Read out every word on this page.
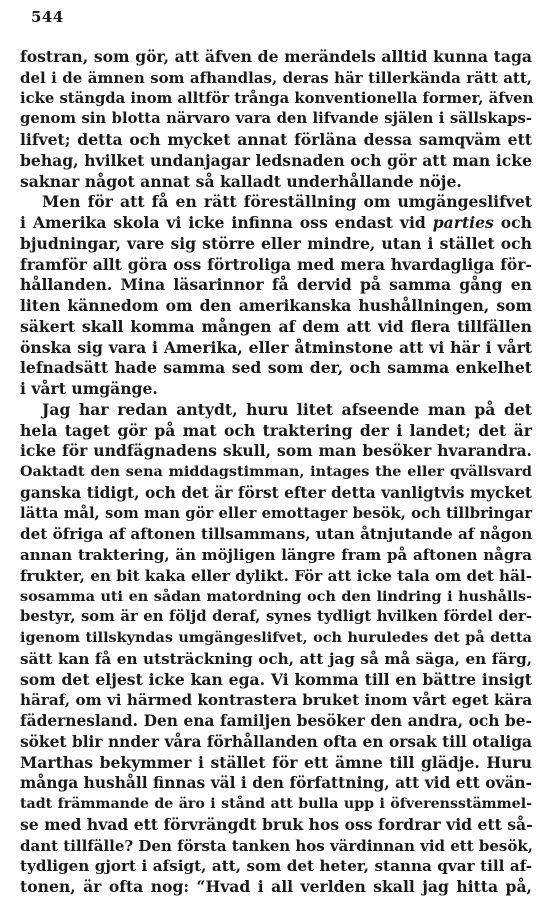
544
fostran, som gör, att äfven de merändels alltid kunna taga
del i de ämnen som afhandlas, deras här tillerkända rätt att,
icke stängda inom alltför trånga konventionella former, äfven
genom sin blotta närvaro vara den lifvande själen i sällskaps-
lifvet; detta och mycket annat förläna dessa samqväm ett
behag, hvilket undanjagar ledsnaden och gör att man icke
saknar något annat så kalladt underhållande nöje.
Men för att få en rätt föreställning om umgängeslifvet
i Amerika skola vi icke infinna oss endast vid parties och
bjudningar, vare sig större eller mindre, utan i stället och
framför allt göra oss förtroliga med mera hvardagliga för-
hållanden. Mina läsarinnor få dervid på samma gång en
liten kännedom om den amerikanska hushållningen, som
säkert skall komma mången af dem att vid flera tillfällen
önska sig vara i Amerika, eller åtminstone att vi här i vårt
lefnadsätt hade samma sed som der, och samma enkelhet
i vårt umgänge.
Jag har redan antydt, huru litet afseende man på det
hela taget gör på mat och traktering der i landet; det är
icke för undfägnadens skull, som man besöker hvarandra.
Oaktadt den sena middagstimman, intages the eller qvällsvard
ganska tidigt, och det är först efter detta vanligtvis mycket
lätta mål, som man gör eller emottager besök, och tillbringar
det öfriga af aftonen tillsammans, utan åtnjutande af någon
annan traktering, än möjligen längre fram på aftonen några
frukter, en bit kaka eller dylikt. För att icke tala om det häl-
sosamma uti en sådan matordning och den lindring i hushålls-
bestyr, som är en följd deraf, synes tydligt hvilken fördel der-
igenom tillskyndas umgängeslifvet, och huruledes det på detta
sätt kan få en utsträckning och, att jag så må säga, en färg,
som det eljest icke kan ega. Vi komma till en bättre insigt
häraf, om vi härmed kontrastera bruket inom vårt eget kära
fädernesland. Den ena familjen besöker den andra, och be-
söket blir nnder våra förhållanden ofta en orsak till otaliga
Marthas bekymmer i stället för ett ämne till glädje. Huru
många hushåll finnas väl i den författning, att vid ett ovän-
tadt främmande de äro i stånd att bulla upp i öfverensstämmel-
se med hvad ett förvrängdt bruk hos oss fordrar vid ett så-
dant tillfälle? Den första tanken hos värdinnan vid ett besök,
tydligen gjort i afsigt, att, som det heter, stanna qvar till af-
tonen, är ofta nog: “Hvad i all verlden skall jag hitta på,
